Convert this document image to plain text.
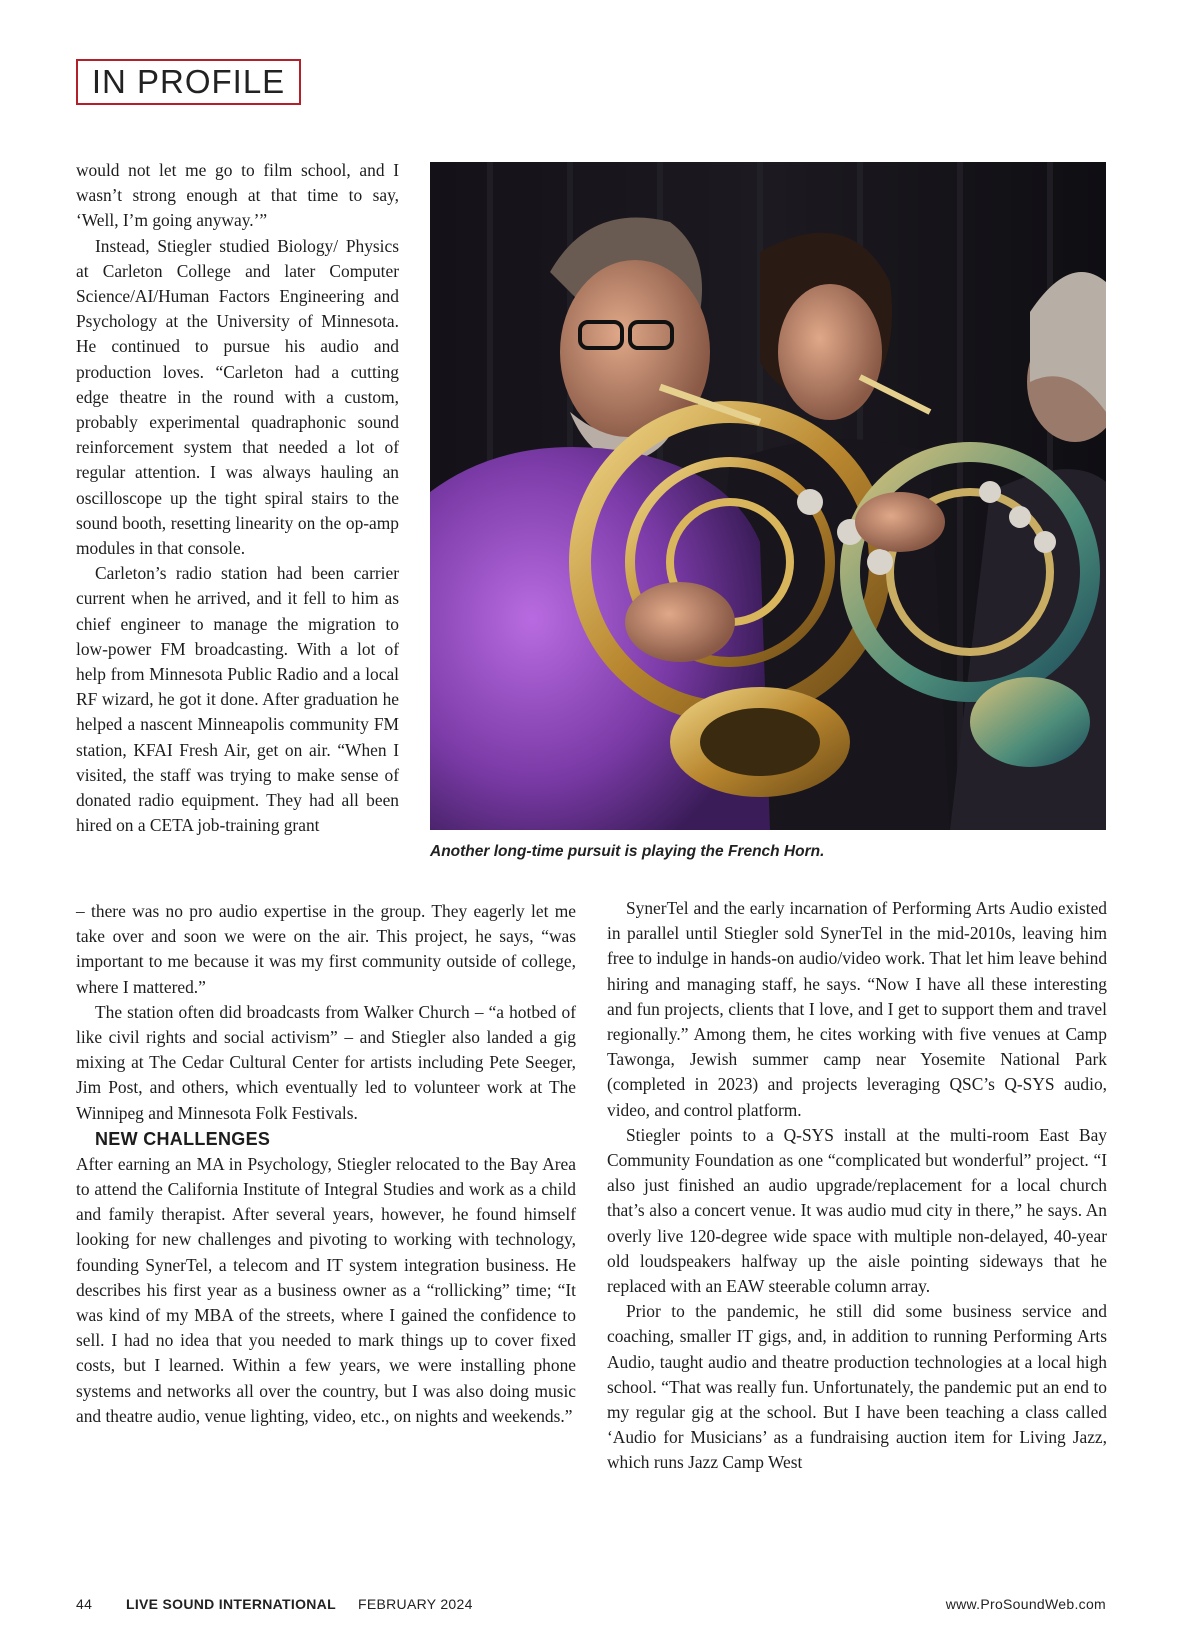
IN PROFILE

would not let me go to film school, and I wasn’t strong enough at that time to say, ‘Well, I’m going anyway.’”

Instead, Stiegler studied Biology/ Physics at Carleton College and later Computer Science/AI/Human Factors Engineering and Psychology at the University of Minnesota. He continued to pursue his audio and production loves. “Carleton had a cutting edge theatre in the round with a custom, probably experimental quadraphonic sound reinforcement system that needed a lot of regular attention. I was always hauling an oscilloscope up the tight spiral stairs to the sound booth, resetting linearity on the op-amp modules in that console.

Carleton’s radio station had been carrier current when he arrived, and it fell to him as chief engineer to manage the migration to low-power FM broadcasting. With a lot of help from Minnesota Public Radio and a local RF wizard, he got it done. After graduation he helped a nascent Minneapolis community FM station, KFAI Fresh Air, get on air. “When I visited, the staff was trying to make sense of donated radio equipment. They had all been hired on a CETA job-training grant

Another long-time pursuit is playing the French Horn.

– there was no pro audio expertise in the group. They eagerly let me take over and soon we were on the air. This project, he says, “was important to me because it was my first community outside of college, where I mattered.”

The station often did broadcasts from Walker Church – “a hotbed of like civil rights and social activism” – and Stiegler also landed a gig mixing at The Cedar Cultural Center for artists including Pete Seeger, Jim Post, and others, which eventually led to volunteer work at The Winnipeg and Minnesota Folk Festivals.

NEW CHALLENGES

After earning an MA in Psychology, Stiegler relocated to the Bay Area to attend the California Institute of Integral Studies and work as a child and family therapist. After several years, however, he found himself looking for new challenges and pivoting to working with technology, founding SynerTel, a telecom and IT system integration business. He describes his first year as a business owner as a “rollicking” time; “It was kind of my MBA of the streets, where I gained the confidence to sell. I had no idea that you needed to mark things up to cover fixed costs, but I learned. Within a few years, we were installing phone systems and networks all over the country, but I was also doing music and theatre audio, venue lighting, video, etc., on nights and weekends.”

SynerTel and the early incarnation of Performing Arts Audio existed in parallel until Stiegler sold SynerTel in the mid-2010s, leaving him free to indulge in hands-on audio/video work. That let him leave behind hiring and managing staff, he says. “Now I have all these interesting and fun projects, clients that I love, and I get to support them and travel regionally.” Among them, he cites working with five venues at Camp Tawonga, Jewish summer camp near Yosemite National Park (completed in 2023) and projects leveraging QSC’s Q-SYS audio, video, and control platform.

Stiegler points to a Q-SYS install at the multi-room East Bay Community Foundation as one “complicated but wonderful” project. “I also just finished an audio upgrade/replacement for a local church that’s also a concert venue. It was audio mud city in there,” he says. An overly live 120-degree wide space with multiple non-delayed, 40-year old loudspeakers halfway up the aisle pointing sideways that he replaced with an EAW steerable column array.

Prior to the pandemic, he still did some business service and coaching, smaller IT gigs, and, in addition to running Performing Arts Audio, taught audio and theatre production technologies at a local high school. “That was really fun. Unfortunately, the pandemic put an end to my regular gig at the school. But I have been teaching a class called ‘Audio for Musicians’ as a fundraising auction item for Living Jazz, which runs Jazz Camp West

44 LIVE SOUND INTERNATIONAL FEBRUARY 2024	www.ProSoundWeb.com
